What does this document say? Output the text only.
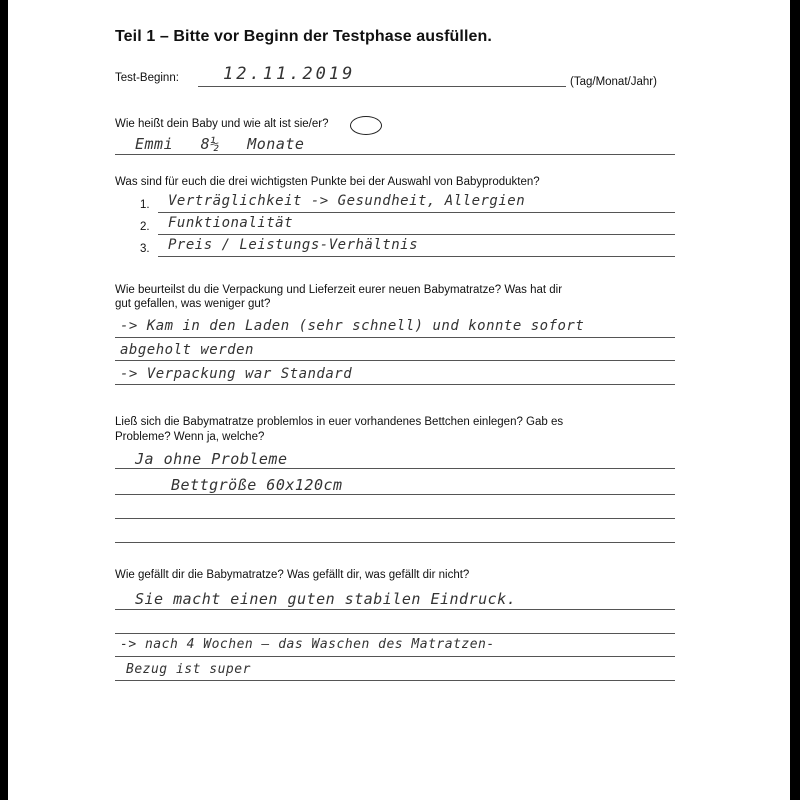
Teil 1 – Bitte vor Beginn der Testphase ausfüllen.
Test-Beginn:	12.11.2019	(Tag/Monat/Jahr)
Wie heißt dein Baby und wie alt ist sie/er?
Emmi 8½ Monate
Was sind für euch die drei wichtigsten Punkte bei der Auswahl von Babyprodukten?
1. Verträglichkeit -> Gesundheit, Allergien
2. Funktionalität
3. Preis / Leistungs-Verhältnis
Wie beurteilst du die Verpackung und Lieferzeit eurer neuen Babymatratze? Was hat dir
gut gefallen, was weniger gut?
-> Kam in den Laden (sehr schnell) und konnte sofort
abgeholt werden
-> Verpackung war Standard
Ließ sich die Babymatratze problemlos in euer vorhandenes Bettchen einlegen? Gab es
Probleme? Wenn ja, welche?
Ja ohne Probleme
Bettgröße 60x120cm
Wie gefällt dir die Babymatratze? Was gefällt dir, was gefällt dir nicht?
Sie macht einen guten stabilen Eindruck.
-> nach 4 Wochen – das Waschen des Matratzen-
Bezug ist super
